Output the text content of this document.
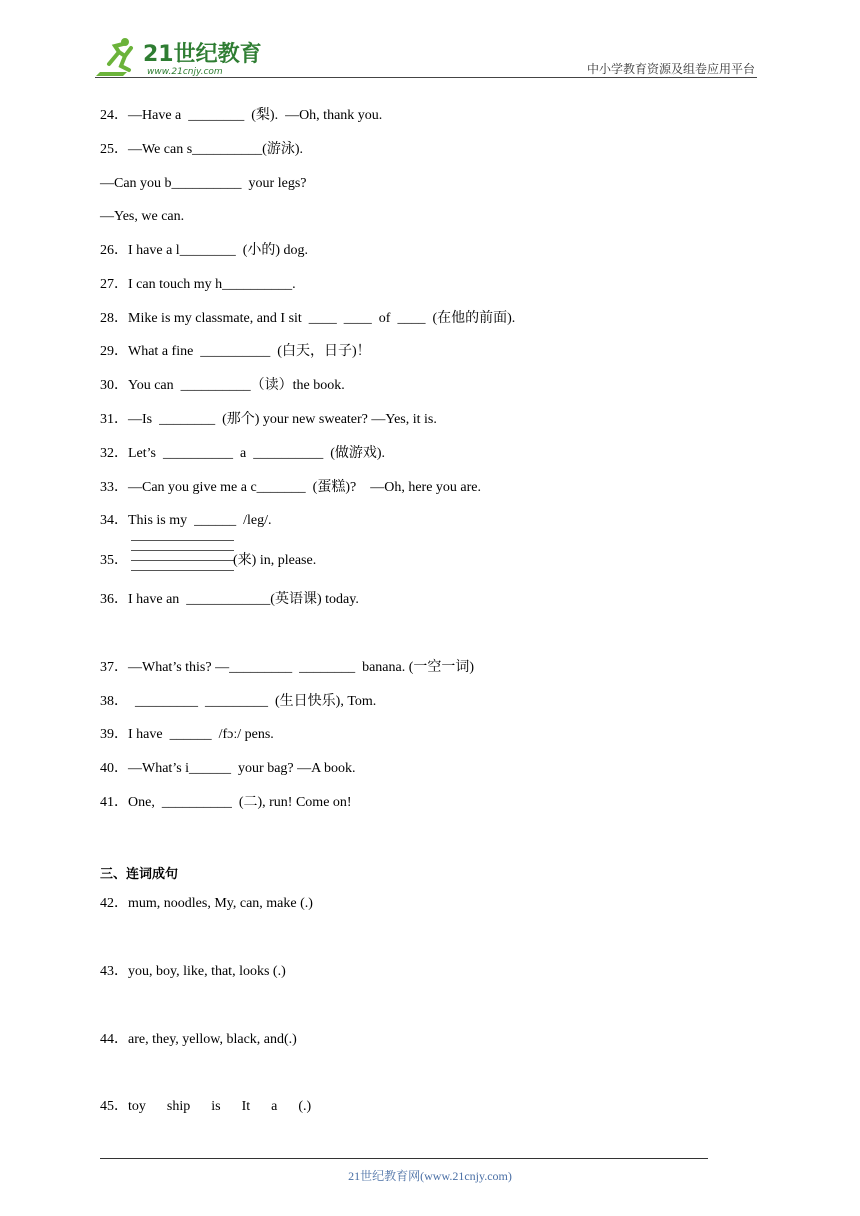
21世纪教育
www.21cnjy.com	中小学教育资源及组卷应用平台
24．—Have a  ________  (梨).  —Oh, thank you.
25．—We can s__________(游泳).
—Can you b__________  your legs?
—Yes, we can.
26．I have a l________  (小的) dog.
27．I can touch my h__________.
28．Mike is my classmate, and I sit  ____  ____  of  ____  (在他的前面).
29．What a fine  __________  (白天，日子)！
30．You can  __________（读）the book.
31．—Is  ________  (那个) your new sweater? —Yes, it is.
32．Let’s  __________  a  __________  (做游戏).
33．—Can you give me a c_______  (蛋糕)?    —Oh, here you are.
34．This is my  ______  /leg/.
35．                              (来) in, please.
36．I have an  ____________(英语课) today.
37．—What’s this? —_________  ________  banana. (一空一词)
38．  _________  _________  (生日快乐), Tom.
39．I have  ______  /fɔː/ pens.
40．—What’s i______  your bag? —A book.
41．One,  __________  (二), run! Come on!
三、连词成句
42．mum, noodles, My, can, make (.)
43．you, boy, like, that, looks (.)
44．are, they, yellow, black, and(.)
45．toy      ship      is      It      a      (.)
21世纪教育网(www.21cnjy.com)
